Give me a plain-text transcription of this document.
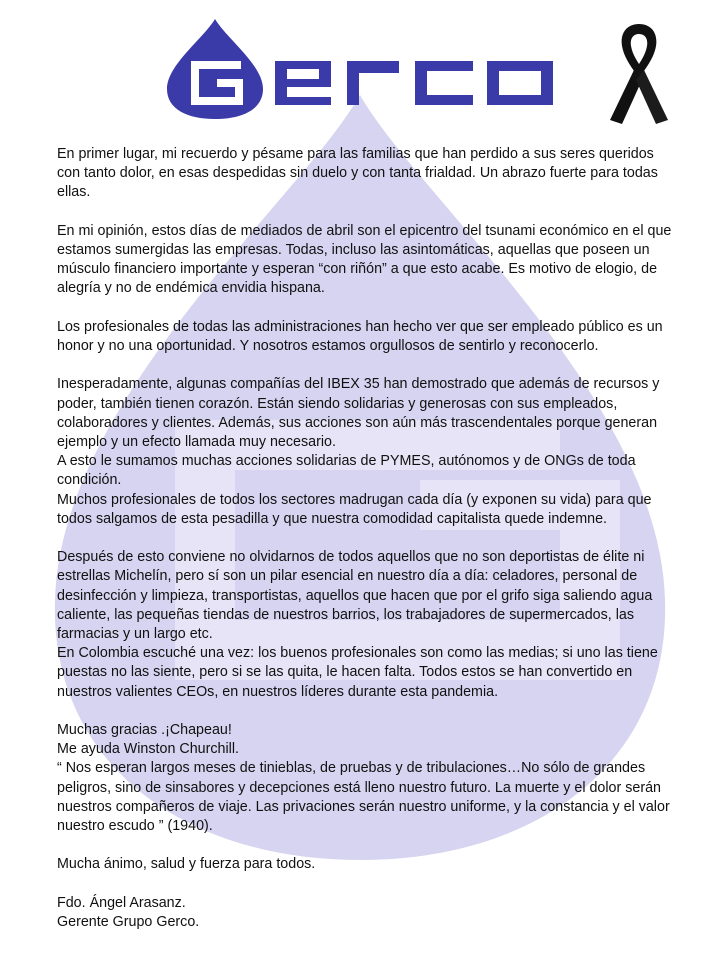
En primer lugar, mi recuerdo y pésame para las familias que han perdido a sus seres queridos con tanto dolor, en esas despedidas sin duelo y con tanta frialdad. Un abrazo fuerte para todas ellas.

En mi opinión, estos días de mediados de abril son el epicentro del tsunami económico en el que estamos sumergidas las empresas. Todas, incluso las asintomáticas, aquellas que poseen un músculo financiero importante y esperan “con riñón” a que esto acabe. Es motivo de elogio, de alegría y no de endémica envidia hispana.

Los profesionales de todas las administraciones han hecho ver que ser empleado público es un honor y no una oportunidad. Y nosotros estamos orgullosos de sentirlo y reconocerlo.

Inesperadamente, algunas compañías del IBEX 35 han demostrado que además de recursos y poder, también tienen corazón. Están siendo solidarias y generosas con sus empleados, colaboradores y clientes. Además, sus acciones son aún más trascendentales porque generan ejemplo y un efecto llamada muy necesario.

A esto le sumamos muchas acciones solidarias de PYMES, autónomos y de ONGs de toda condición.

Muchos profesionales de todos los sectores madrugan cada día (y exponen su vida) para que todos salgamos de esta pesadilla y que nuestra comodidad capitalista quede indemne.

Después de esto conviene no olvidarnos de todos aquellos que no son deportistas de élite ni estrellas Michelín, pero sí son un pilar esencial en nuestro día a día: celadores, personal de desinfección y limpieza, transportistas, aquellos que hacen que por el grifo siga saliendo agua caliente, las pequeñas tiendas de nuestros barrios, los trabajadores de supermercados, las farmacias y un largo etc.

En Colombia escuché una vez: los buenos profesionales son como las medias; si uno las tiene puestas no las siente, pero si se las quita, le hacen falta. Todos estos se han convertido en nuestros valientes CEOs, en nuestros líderes durante esta pandemia.

Muchas gracias .¡Chapeau!

Me ayuda Winston Churchill.

“ Nos esperan largos meses de tinieblas, de pruebas y de tribulaciones…No sólo de grandes peligros, sino de sinsabores y decepciones está lleno nuestro futuro. La muerte y el dolor serán nuestros compañeros de viaje. Las privaciones serán nuestro uniforme, y la constancia y el valor nuestro escudo ” (1940).

Mucha ánimo, salud y fuerza para todos.

Fdo. Ángel Arasanz.

Gerente Grupo Gerco.
